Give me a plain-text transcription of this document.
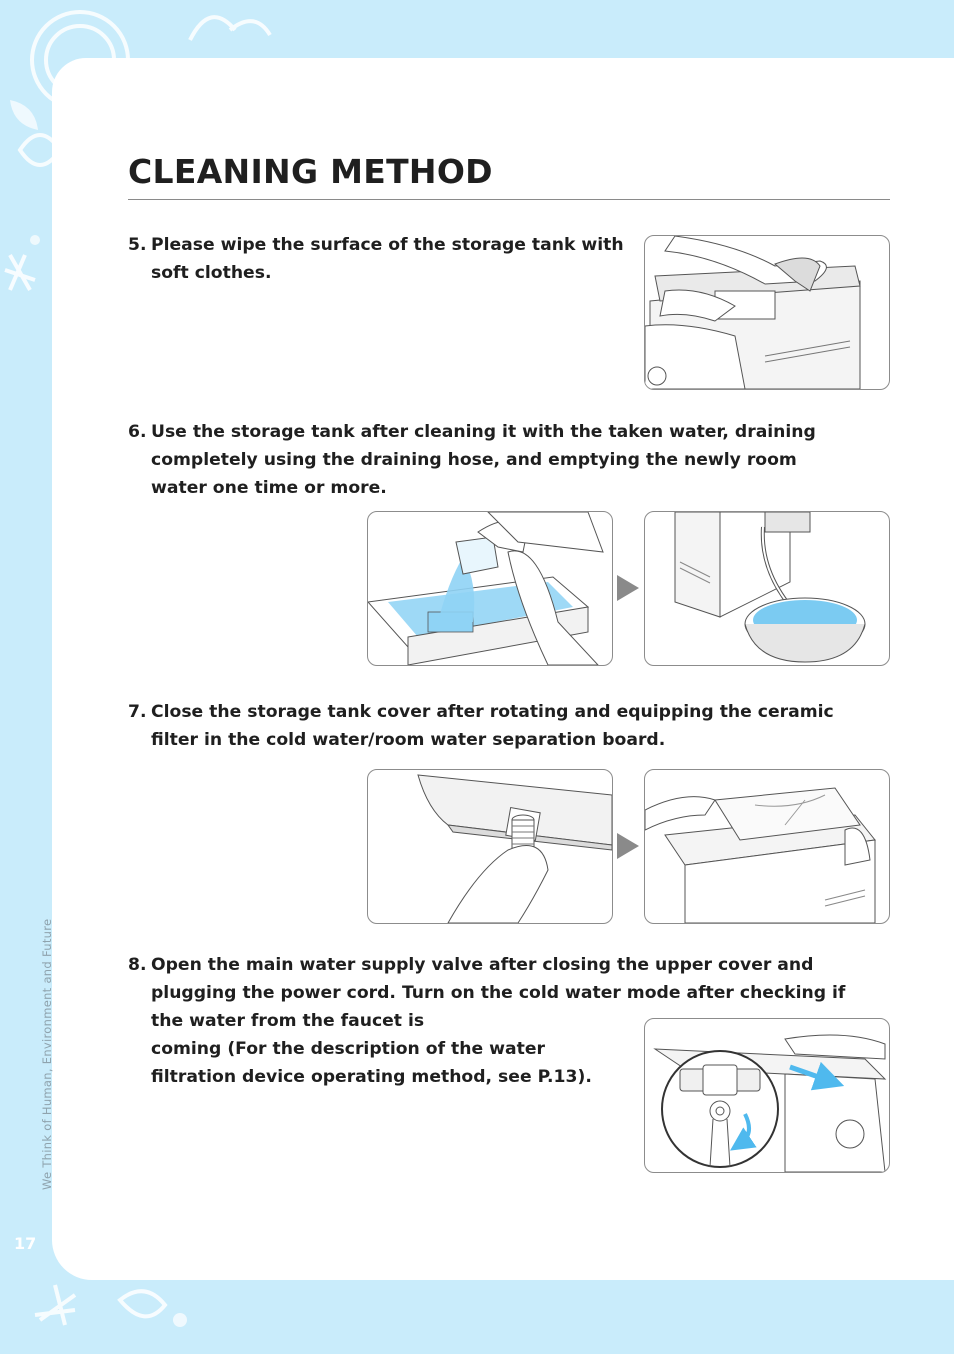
We Think of Human, Environment and Future
17
CLEANING METHOD
5. Please wipe the surface of the storage tank with
soft clothes.
6. Use the storage tank after cleaning it with the taken water, draining
completely using the draining hose, and emptying the newly room
water one time or more.
7. Close the storage tank cover after rotating and equipping the ceramic
filter in the cold water/room water separation board.
8. Open the main water supply valve after closing the upper cover and
plugging the power cord. Turn on the cold water mode after checking if
the water from the faucet is
coming (For the description of the water
filtration device operating method, see P.13).
